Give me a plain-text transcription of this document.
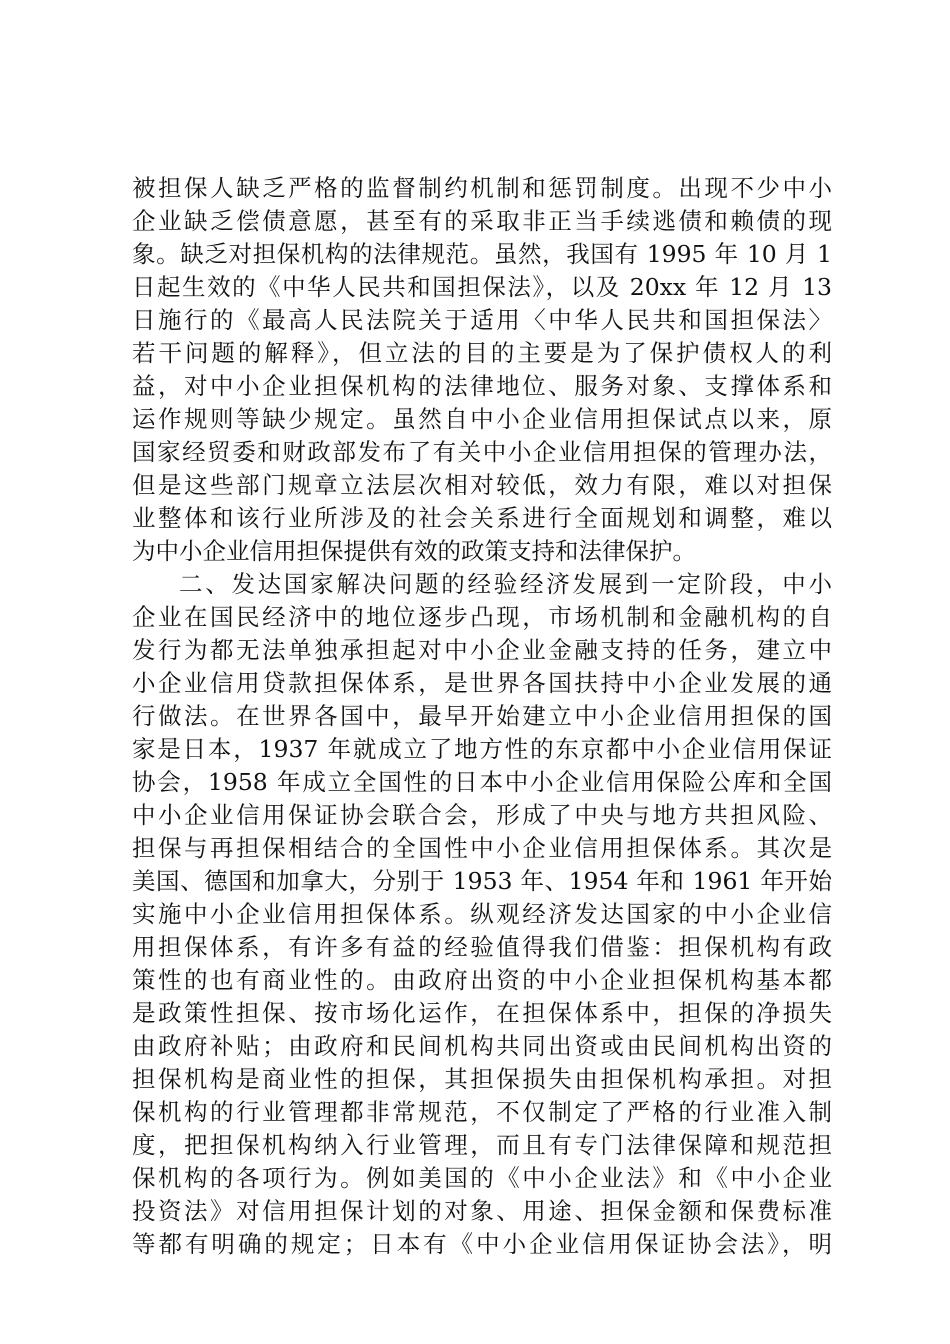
被担保人缺乏严格的监督制约机制和惩罚制度。出现不少中小
企业缺乏偿债意愿，甚至有的采取非正当手续逃债和赖债的现
象。缺乏对担保机构的法律规范。虽然，我国有 1995 年 10 月 1
日起生效的《中华人民共和国担保法》，以及 20xx 年 12 月 13
日施行的《最高人民法院关于适用〈中华人民共和国担保法〉
若干问题的解释》，但立法的目的主要是为了保护债权人的利
益，对中小企业担保机构的法律地位、服务对象、支撑体系和
运作规则等缺少规定。虽然自中小企业信用担保试点以来，原
国家经贸委和财政部发布了有关中小企业信用担保的管理办法，
但是这些部门规章立法层次相对较低，效力有限，难以对担保
业整体和该行业所涉及的社会关系进行全面规划和调整，难以
为中小企业信用担保提供有效的政策支持和法律保护。
二、发达国家解决问题的经验经济发展到一定阶段，中小
企业在国民经济中的地位逐步凸现，市场机制和金融机构的自
发行为都无法单独承担起对中小企业金融支持的任务，建立中
小企业信用贷款担保体系，是世界各国扶持中小企业发展的通
行做法。在世界各国中，最早开始建立中小企业信用担保的国
家是日本，1937 年就成立了地方性的东京都中小企业信用保证
协会，1958 年成立全国性的日本中小企业信用保险公库和全国
中小企业信用保证协会联合会，形成了中央与地方共担风险、
担保与再担保相结合的全国性中小企业信用担保体系。其次是
美国、德国和加拿大，分别于 1953 年、1954 年和 1961 年开始
实施中小企业信用担保体系。纵观经济发达国家的中小企业信
用担保体系，有许多有益的经验值得我们借鉴：担保机构有政
策性的也有商业性的。由政府出资的中小企业担保机构基本都
是政策性担保、按市场化运作，在担保体系中，担保的净损失
由政府补贴；由政府和民间机构共同出资或由民间机构出资的
担保机构是商业性的担保，其担保损失由担保机构承担。对担
保机构的行业管理都非常规范，不仅制定了严格的行业准入制
度，把担保机构纳入行业管理，而且有专门法律保障和规范担
保机构的各项行为。例如美国的《中小企业法》和《中小企业
投资法》对信用担保计划的对象、用途、担保金额和保费标准
等都有明确的规定；日本有《中小企业信用保证协会法》，明
